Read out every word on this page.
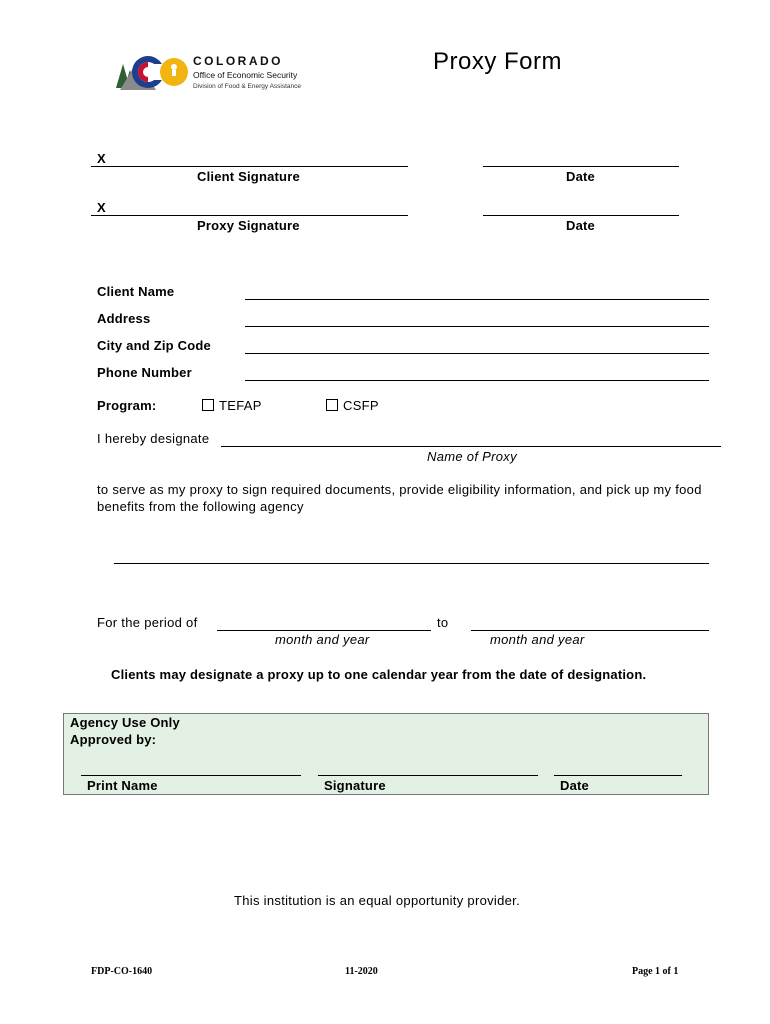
COLORADO
Office of Economic Security
Division of Food & Energy Assistance
Proxy Form
X
Client Signature	Date
X
Proxy Signature	Date
Client Name
Address
City and Zip Code
Phone Number
Program:	TEFAP	CSFP
I hereby designate
Name of Proxy
to serve as my proxy to sign required documents, provide eligibility information, and pick up my food benefits from the following agency
For the period of	to
month and year	month and year
Clients may designate a proxy up to one calendar year from the date of designation.
Agency Use Only
Approved by:
Print Name	Signature	Date
This institution is an equal opportunity provider.
FDP-CO-1640	11-2020	Page 1 of 1
